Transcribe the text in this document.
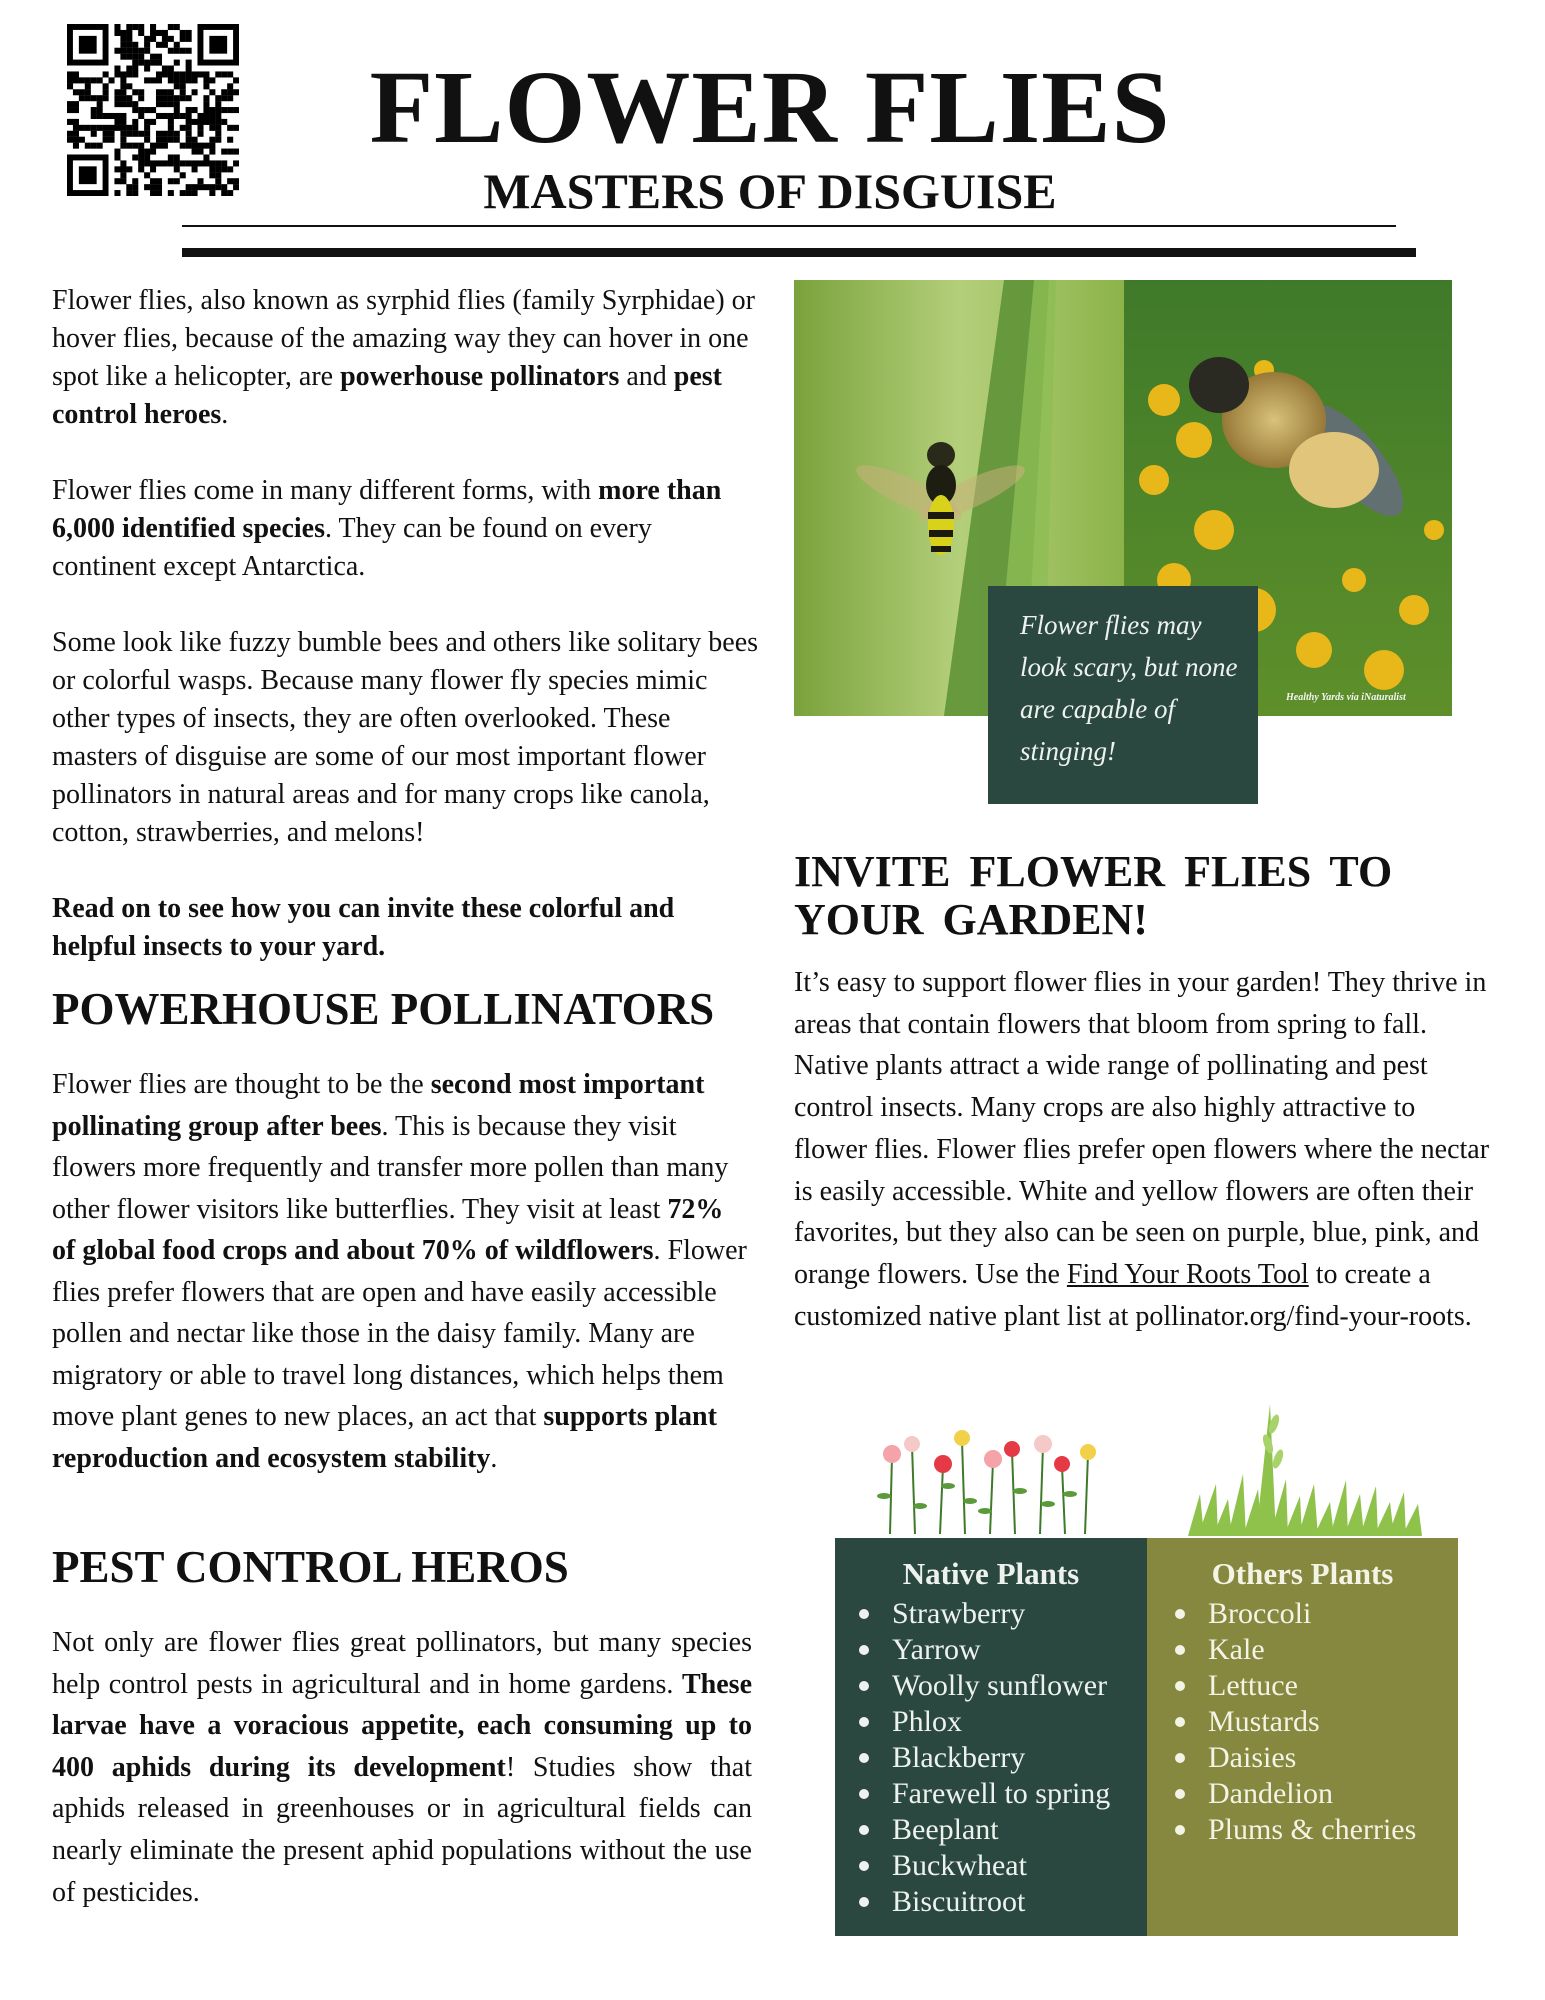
FLOWER FLIES
MASTERS OF DISGUISE

Flower flies, also known as syrphid flies (family Syrphidae) or hover flies, because of the amazing way they can hover in one spot like a helicopter, are powerhouse pollinators and pest control heroes.

Flower flies come in many different forms, with more than 6,000 identified species. They can be found on every continent except Antarctica.

Some look like fuzzy bumble bees and others like solitary bees or colorful wasps. Because many flower fly species mimic other types of insects, they are often overlooked. These masters of disguise are some of our most important flower pollinators in natural areas and for many crops like canola, cotton, strawberries, and melons!

Read on to see how you can invite these colorful and helpful insects to your yard.

POWERHOUSE POLLINATORS

Flower flies are thought to be the second most important pollinating group after bees. This is because they visit flowers more frequently and transfer more pollen than many other flower visitors like butterflies. They visit at least 72% of global food crops and about 70% of wildflowers. Flower flies prefer flowers that are open and have easily accessible pollen and nectar like those in the daisy family. Many are migratory or able to travel long distances, which helps them move plant genes to new places, an act that supports plant reproduction and ecosystem stability.

PEST CONTROL HEROS

Not only are flower flies great pollinators, but many species help control pests in agricultural and in home gardens. These larvae have a voracious appetite, each consuming up to 400 aphids during its development! Studies show that aphids released in greenhouses or in agricultural fields can nearly eliminate the present aphid populations without the use of pesticides.

Healthy Yards via iNaturalist
Flower flies may look scary, but none are capable of stinging!
INVITE FLOWER FLIES TO YOUR GARDEN!

It’s easy to support flower flies in your garden! They thrive in areas that contain flowers that bloom from spring to fall. Native plants attract a wide range of pollinating and pest control insects. Many crops are also highly attractive to flower flies. Flower flies prefer open flowers where the nectar is easily accessible. White and yellow flowers are often their favorites, but they also can be seen on purple, blue, pink, and orange flowers. Use the Find Your Roots Tool to create a customized native plant list at pollinator.org/find-your-roots.

Native Plants
Strawberry
Yarrow
Woolly sunflower
Phlox
Blackberry
Farewell to spring
Beeplant
Buckwheat
Biscuitroot
Others Plants
Broccoli
Kale
Lettuce
Mustards
Daisies
Dandelion
Plums & cherries
